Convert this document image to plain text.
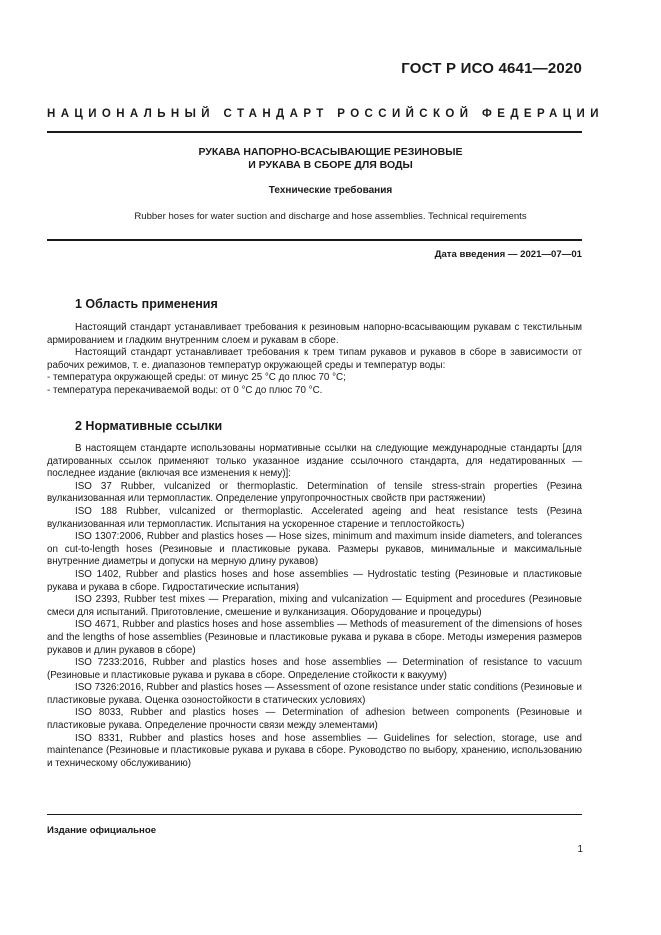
ГОСТ Р ИСО 4641—2020
НАЦИОНАЛЬНЫЙ СТАНДАРТ РОССИЙСКОЙ ФЕДЕРАЦИИ
РУКАВА НАПОРНО-ВСАСЫВАЮЩИЕ РЕЗИНОВЫЕ
И РУКАВА В СБОРЕ ДЛЯ ВОДЫ
Технические требования
Rubber hoses for water suction and discharge and hose assemblies. Technical requirements
Дата введения — 2021—07—01
1 Область применения

Настоящий стандарт устанавливает требования к резиновым напорно-всасывающим рукавам с текстильным армированием и гладким внутренним слоем и рукавам в сборе.

Настоящий стандарт устанавливает требования к трем типам рукавов и рукавов в сборе в зависимости от рабочих режимов, т. е. диапазонов температур окружающей среды и температур воды:

- температура окружающей среды: от минус 25 °C до плюс 70 °C;

- температура перекачиваемой воды: от 0 °C до плюс 70 °C.

2 Нормативные ссылки

В настоящем стандарте использованы нормативные ссылки на следующие международные стандарты [для датированных ссылок применяют только указанное издание ссылочного стандарта, для недатированных — последнее издание (включая все изменения к нему)]:

ISO 37 Rubber, vulcanized or thermoplastic. Determination of tensile stress-strain properties (Резина вулканизованная или термопластик. Определение упругопрочностных свойств при растяжении)

ISO 188 Rubber, vulcanized or thermoplastic. Accelerated ageing and heat resistance tests (Резина вулканизованная или термопластик. Испытания на ускоренное старение и теплостойкость)

ISO 1307:2006, Rubber and plastics hoses — Hose sizes, minimum and maximum inside diameters, and tolerances on cut-to-length hoses (Резиновые и пластиковые рукава. Размеры рукавов, минимальные и максимальные внутренние диаметры и допуски на мерную длину рукавов)

ISO 1402, Rubber and plastics hoses and hose assemblies — Hydrostatic testing (Резиновые и пластиковые рукава и рукава в сборе. Гидростатические испытания)

ISO 2393, Rubber test mixes — Preparation, mixing and vulcanization — Equipment and procedures (Резиновые смеси для испытаний. Приготовление, смешение и вулканизация. Оборудование и процедуры)

ISO 4671, Rubber and plastics hoses and hose assemblies — Methods of measurement of the dimensions of hoses and the lengths of hose assemblies (Резиновые и пластиковые рукава и рукава в сборе. Методы измерения размеров рукавов и длин рукавов в сборе)

ISO 7233:2016, Rubber and plastics hoses and hose assemblies — Determination of resistance to vacuum (Резиновые и пластиковые рукава и рукава в сборе. Определение стойкости к вакууму)

ISO 7326:2016, Rubber and plastics hoses — Assessment of ozone resistance under static conditions (Резиновые и пластиковые рукава. Оценка озоностойкости в статических условиях)

ISO 8033, Rubber and plastics hoses — Determination of adhesion between components (Резиновые и пластиковые рукава. Определение прочности связи между элементами)

ISO 8331, Rubber and plastics hoses and hose assemblies — Guidelines for selection, storage, use and maintenance (Резиновые и пластиковые рукава и рукава в сборе. Руководство по выбору, хранению, использованию и техническому обслуживанию)

Издание официальное
1
